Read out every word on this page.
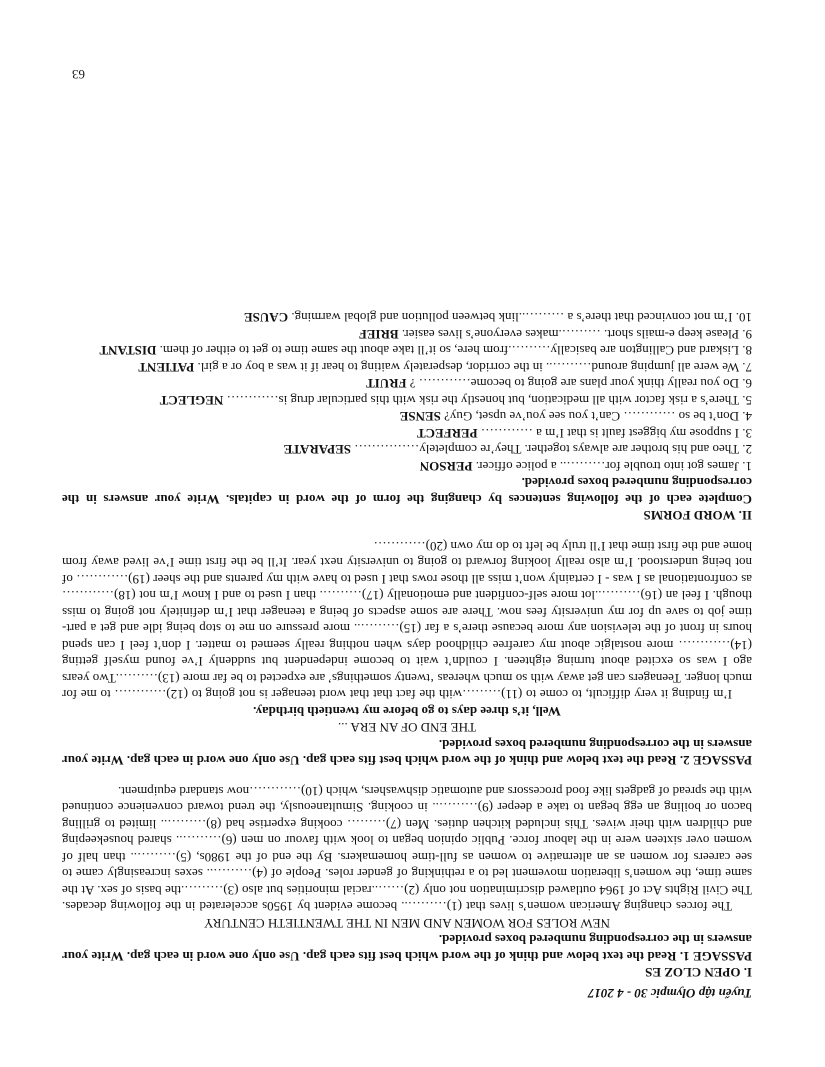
Tuyển tập Olympic 30 - 4 2017
I. OPEN CLOZ ES

PASSAGE 1. Read the text below and think of the word which best fits each gap. Use only one word in each gap. Write your answers in the corresponding numbered boxes provided.

NEW ROLES FOR WOMEN AND MEN IN THE TWENTIETH CENTURY

The forces changing American women’s lives that (1)……….. become evident by 1950s accelerated in the following decades. The Civil Rights Act of 1964 outlawed discrimination not only (2)……..racial minorities but also (3)……….the basis of sex. At the same time, the women’s liberation movement led to a rethinking of gender roles. People of (4)……….. sexes increasingly came to see careers for women as an alternative to women as full-time homemakers. By the end of the 1980s, (5)……….. than half of women over sixteen were in the labour force. Public opinion began to look with favour on men (6)……….. shared housekeeping and children with their wives. This included kitchen duties. Men (7)……… cooking expertise had (8)……….. limited to grilling bacon or boiling an egg began to take a deeper (9)……….. in cooking. Simultaneously, the trend toward convenience continued with the spread of gadgets like food processors and automatic dishwashers, which (10)…………now standard equipment.

PASSAGE 2. Read the text below and think of the word which best fits each gap. Use only one word in each gap. Write your answers in the corresponding numbered boxes provided.

THE END OF AN ERA ...
Well, it’s three days to go before my twentieth birthday.

I’m finding it very difficult, to come to (11)………with the fact that that word teenager is not going to (12)………… to me for much longer. Teenagers can get away with so much whereas ‘twenty somethings’ are expected to be far more (13)……….Two years ago I was so excited about turning eighteen. I couldn’t wait to become independent but suddenly I’ve found myself getting (14)………… more nostalgic about my carefree childhood days when nothing really seemed to matter. I don’t feel I can spend hours in front of the television any more because there’s a far (15)……….. more pressure on me to stop being idle and get a part-time job to save up for my university fees now. There are some aspects of being a teenager that I’m definitely not going to miss though. I feel an (16)………..lot more self-confident and emotionally (17)………. than I used to and I know I’m not (18)…………as confrontational as I was - I certainly won’t miss all those rows that I used to have with my parents and the sheer (19)………… of not being understood. I’m also really looking forward to going to university next year. It’ll be the first time I’ve lived away from home and the first time that I’ll truly be left to do my own (20)…………

II. WORD FORMS

Complete each of the following sentences by changing the form of the word in capitals. Write your answers in the corresponding numbered boxes provided.

1. James got into trouble for……….. a police officer. PERSON
2. Theo and his brother are always together. They’re completely…………… SEPARATE
3. I suppose my biggest fault is that I’m a ………… PERFECT
4. Don’t be so ………… Can’t you see you’ve upset, Guy? SENSE
5. There’s a risk factor with all medication, but honestly the risk with this particular drug is………… NEGLECT
6. Do you really think your plans are going to become………… ? FRUIT
7. We were all jumping around……….. in the corridor, desperately waiting to hear if it was a boy or a girl. PATIENT
8. Liskard and Callington are basically……….from here, so it’ll take about the same time to get to either of them. DISTANT
9. Please keep e-mails short. ……….makes everyone’s lives easier. BRIEF
10. I’m not convinced that there’s a ………..link between pollution and global warming. CAUSE
63
